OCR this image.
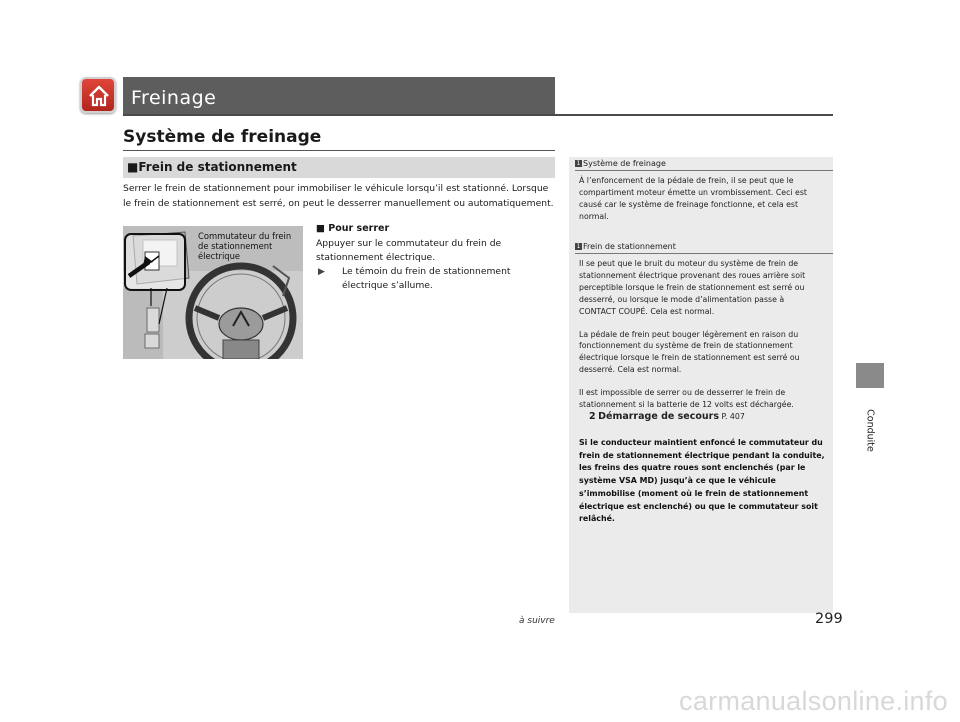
Freinage
Système de freinage
■Frein de stationnement
Serrer le frein de stationnement pour immobiliser le véhicule lorsqu’il est stationné. Lorsque le frein de stationnement est serré, on peut le desserrer manuellement ou automatiquement.
Commutateur du frein de stationnement électrique
■ Pour serrer
Appuyer sur le commutateur du frein de stationnement électrique.
▶	Le témoin du frein de stationnement électrique s’allume.
1 Système de freinage
À l’enfoncement de la pédale de frein, il se peut que le compartiment moteur émette un vrombissement. Ceci est causé car le système de freinage fonctionne, et cela est normal.
1 Frein de stationnement

Il se peut que le bruit du moteur du système de frein de stationnement électrique provenant des roues arrière soit perceptible lorsque le frein de stationnement est serré ou desserré, ou lorsque le mode d’alimentation passe à CONTACT COUPÉ. Cela est normal.

La pédale de frein peut bouger légèrement en raison du fonctionnement du système de frein de stationnement électrique lorsque le frein de stationnement est serré ou desserré. Cela est normal.

Il est impossible de serrer ou de desserrer le frein de stationnement si la batterie de 12 volts est déchargée.

2 Démarrage de secours P. 407
Si le conducteur maintient enfoncé le commutateur du frein de stationnement électrique pendant la conduite, les freins des quatre roues sont enclenchés (par le système VSA MD) jusqu’à ce que le véhicule s’immobilise (moment où le frein de stationnement électrique est enclenché) ou que le commutateur soit relâché.
Conduite
à suivre	299
carmanualsonline.info
